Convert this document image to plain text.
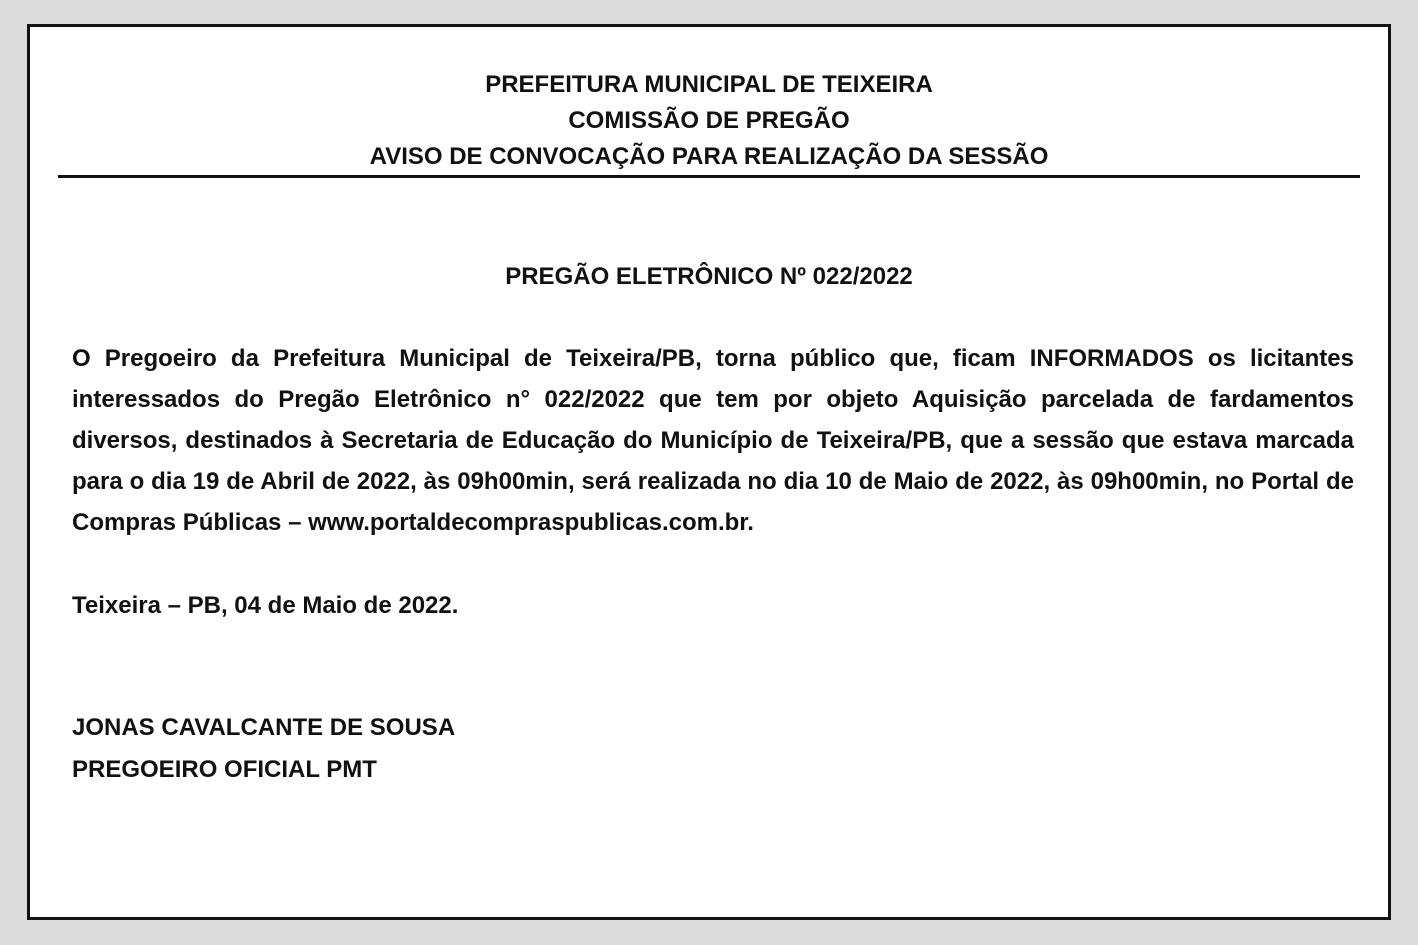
PREFEITURA MUNICIPAL DE TEIXEIRA
COMISSÃO DE PREGÃO
AVISO DE CONVOCAÇÃO PARA REALIZAÇÃO DA SESSÃO
PREGÃO ELETRÔNICO Nº 022/2022

O Pregoeiro da Prefeitura Municipal de Teixeira/PB, torna público que, ficam INFORMADOS os licitantes interessados do Pregão Eletrônico n° 022/2022 que tem por objeto Aquisição parcelada de fardamentos diversos, destinados à Secretaria de Educação do Município de Teixeira/PB, que a sessão que estava marcada para o dia 19 de Abril de 2022, às 09h00min, será realizada no dia 10 de Maio de 2022, às 09h00min, no Portal de Compras Públicas – www.portaldecompraspublicas.com.br.

Teixeira – PB, 04 de Maio de 2022.
JONAS CAVALCANTE DE SOUSA
PREGOEIRO OFICIAL PMT
